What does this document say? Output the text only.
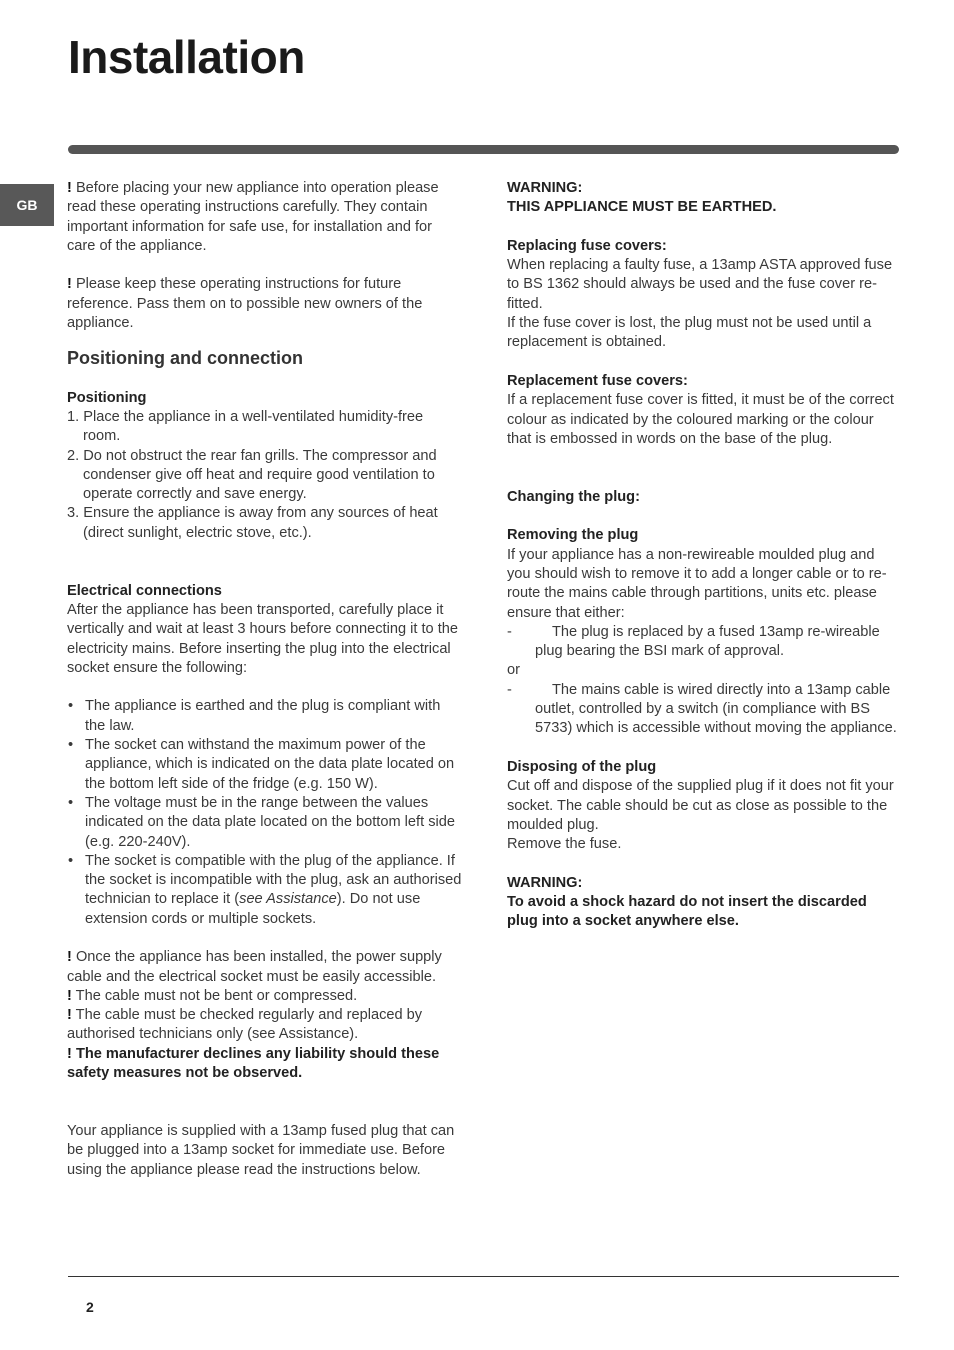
Installation
GB

! Before placing your new appliance into operation please read these operating instructions carefully. They contain important information for safe use, for installation and for care of the appliance.

! Please keep these operating instructions for future reference. Pass them on to possible new owners of the appliance.

Positioning and connection

Positioning

1. Place the appliance in a well-ventilated humidity-free room.

2. Do not obstruct the rear fan grills. The compressor and condenser give off heat and require good ventilation to operate correctly and save energy.

3. Ensure the appliance is away from any sources of heat (direct sunlight, electric stove, etc.).

Electrical connections

After the appliance has been transported, carefully place it vertically and wait at least 3 hours before connecting it to the electricity mains. Before inserting the plug into the electrical socket ensure the following:

• The appliance is earthed and the plug is compliant with the law.
• The socket can withstand the maximum power of the appliance, which is indicated on the data plate located on the bottom left side of the fridge (e.g. 150 W).
• The voltage must be in the range between the values indicated on the data plate located on the bottom left side (e.g. 220-240V).
• The socket is compatible with the plug of the appliance. If the socket is incompatible with the plug, ask an authorised technician to replace it (see Assistance). Do not use extension cords or multiple sockets.

! Once the appliance has been installed, the power supply cable and the electrical socket must be easily accessible.

! The cable must not be bent or compressed.

! The cable must be checked regularly and replaced by authorised technicians only (see Assistance).

! The manufacturer declines any liability should these safety measures not be observed.

Your appliance is supplied with a 13amp fused plug that can be plugged into a 13amp socket for immediate use. Before using the appliance please read the instructions below.

WARNING:

THIS APPLIANCE MUST BE EARTHED.

Replacing fuse covers:

When replacing a faulty fuse, a 13amp ASTA approved fuse to BS 1362 should always be used and the fuse cover re-fitted.

If the fuse cover is lost, the plug must not be used until a replacement is obtained.

Replacement fuse covers:

If a replacement fuse cover is fitted, it must be of the correct colour as indicated by the coloured marking or the colour that is embossed in words on the base of the plug.

Changing the plug:

Removing the plug

If your appliance has a non-rewireable moulded plug and you should wish to remove it to add a longer cable or to re-route the mains cable through partitions, units etc. please ensure that either:

-	The plug is replaced by a fused 13amp re-wireable plug bearing the BSI mark of approval.

or

-	The mains cable is wired directly into a 13amp cable outlet, controlled by a switch (in compliance with BS 5733) which is accessible without moving the appliance.

Disposing of the plug

Cut off and dispose of the supplied plug if it does not fit your socket. The cable should be cut as close as possible to the moulded plug.

Remove the fuse.

WARNING:

To avoid a shock hazard do not insert the discarded plug into a socket anywhere else.

2
